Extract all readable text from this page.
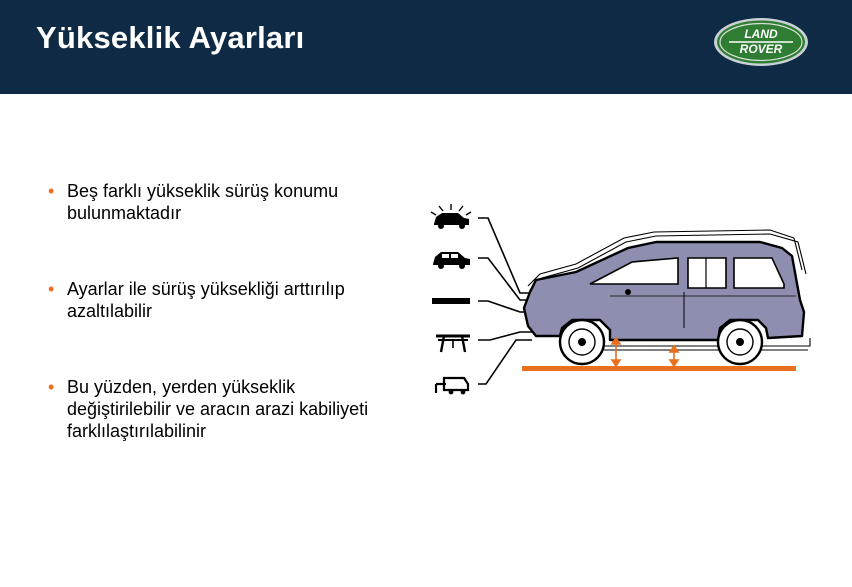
Yükseklik Ayarları	LAND
ROVER
• Beş farklı yükseklik sürüş konumu bulunmaktadır
• Ayarlar ile sürüş yüksekliği arttırılıp azaltılabilir
• Bu yüzden, yerden yükseklik değiştirilebilir ve aracın arazi kabiliyeti farklılaştırılabilinir
